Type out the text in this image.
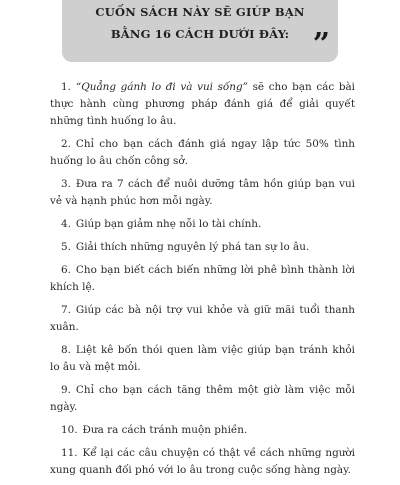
CUỐN SÁCH NÀY SẼ GIÚP BẠN
BẰNG 16 CÁCH DƯỚI ĐÂY: ”
1. “Quẳng gánh lo đi và vui sống” sẽ cho bạn các bài thực hành cùng phương pháp đánh giá để giải quyết những tình huống lo âu.
2. Chỉ cho bạn cách đánh giá ngay lập tức 50% tình huống lo âu chốn công sở.
3. Đưa ra 7 cách để nuôi dưỡng tâm hồn giúp bạn vui vẻ và hạnh phúc hơn mỗi ngày.
4. Giúp bạn giảm nhẹ nỗi lo tài chính.
5. Giải thích những nguyên lý phá tan sự lo âu.
6. Cho bạn biết cách biến những lời phê bình thành lời khích lệ.
7. Giúp các bà nội trợ vui khỏe và giữ mãi tuổi thanh xuân.
8. Liệt kê bốn thói quen làm việc giúp bạn tránh khỏi lo âu và mệt mỏi.
9. Chỉ cho bạn cách tăng thêm một giờ làm việc mỗi ngày.
10. Đưa ra cách tránh muộn phiền.
11. Kể lại các câu chuyện có thật về cách những người xung quanh đối phó với lo âu trong cuộc sống hàng ngày.
